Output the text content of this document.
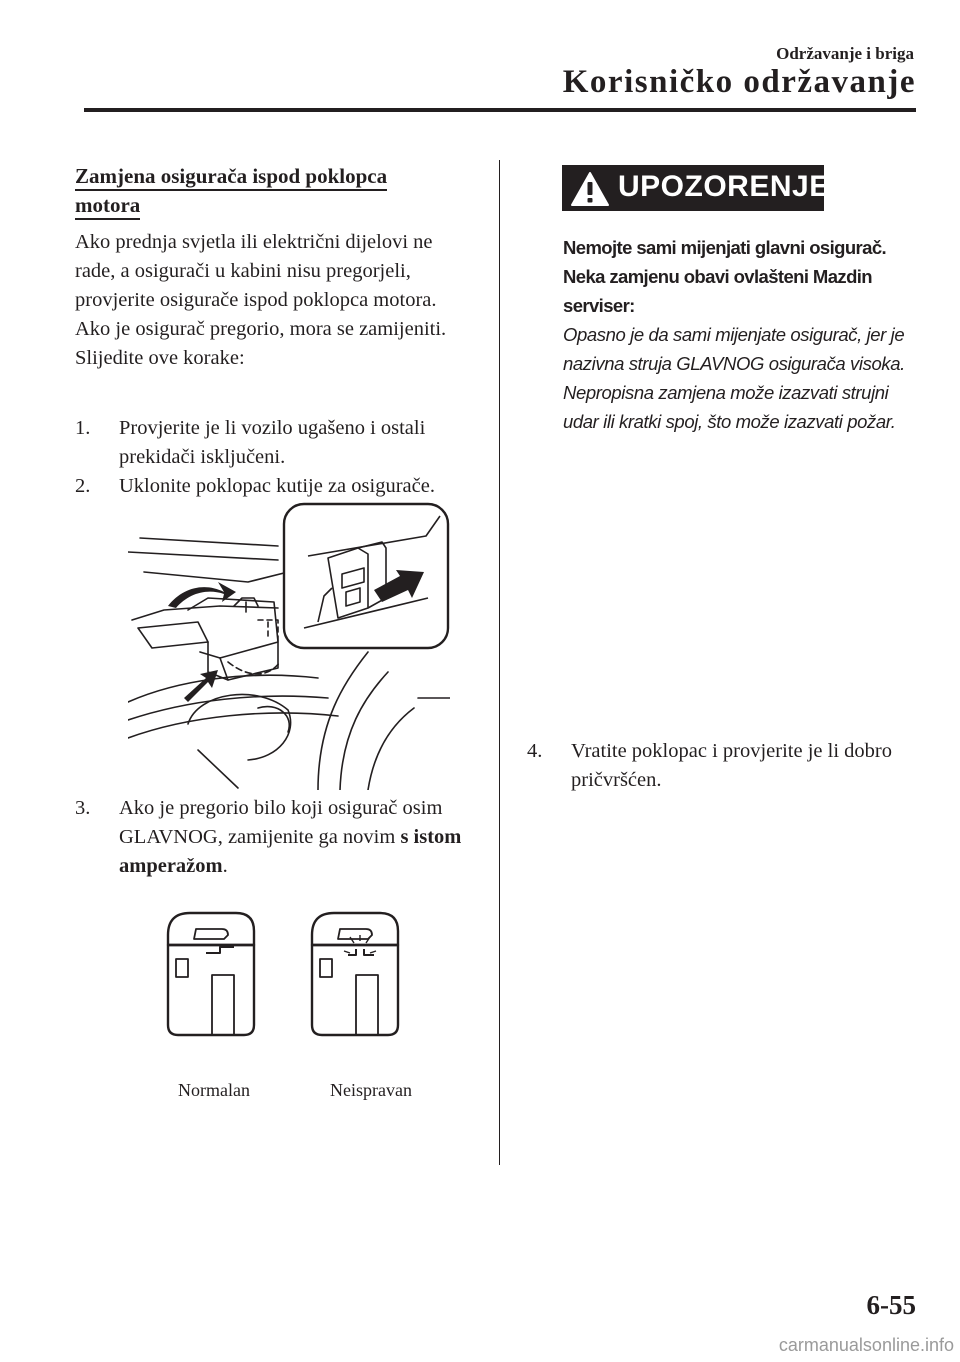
Održavanje i briga
Korisničko održavanje
Zamjena osigurača ispod poklopca motora

Ako prednja svjetla ili električni dijelovi ne rade, a osigurači u kabini nisu pregorjeli, provjerite osigurače ispod poklopca motora. Ako je osigurač pregorio, mora se zamijeniti. Slijedite ove korake:

1.	Provjerite je li vozilo ugašeno i ostali prekidači isključeni.
2.	Uklonite poklopac kutije za osigurače.
3.	Ako je pregorio bilo koji osigurač osim GLAVNOG, zamijenite ga novim s istom amperažom.
Normalan	Neispravan
UPOZORENJE

Nemojte sami mijenjati glavni osigurač. Neka zamjenu obavi ovlašteni Mazdin serviser:

Opasno je da sami mijenjate osigurač, jer je nazivna struja GLAVNOG osigurača visoka. Nepropisna zamjena može izazvati strujni udar ili kratki spoj, što može izazvati požar.

4.	Vratite poklopac i provjerite je li dobro pričvršćen.
6-55
carmanualsonline.info
